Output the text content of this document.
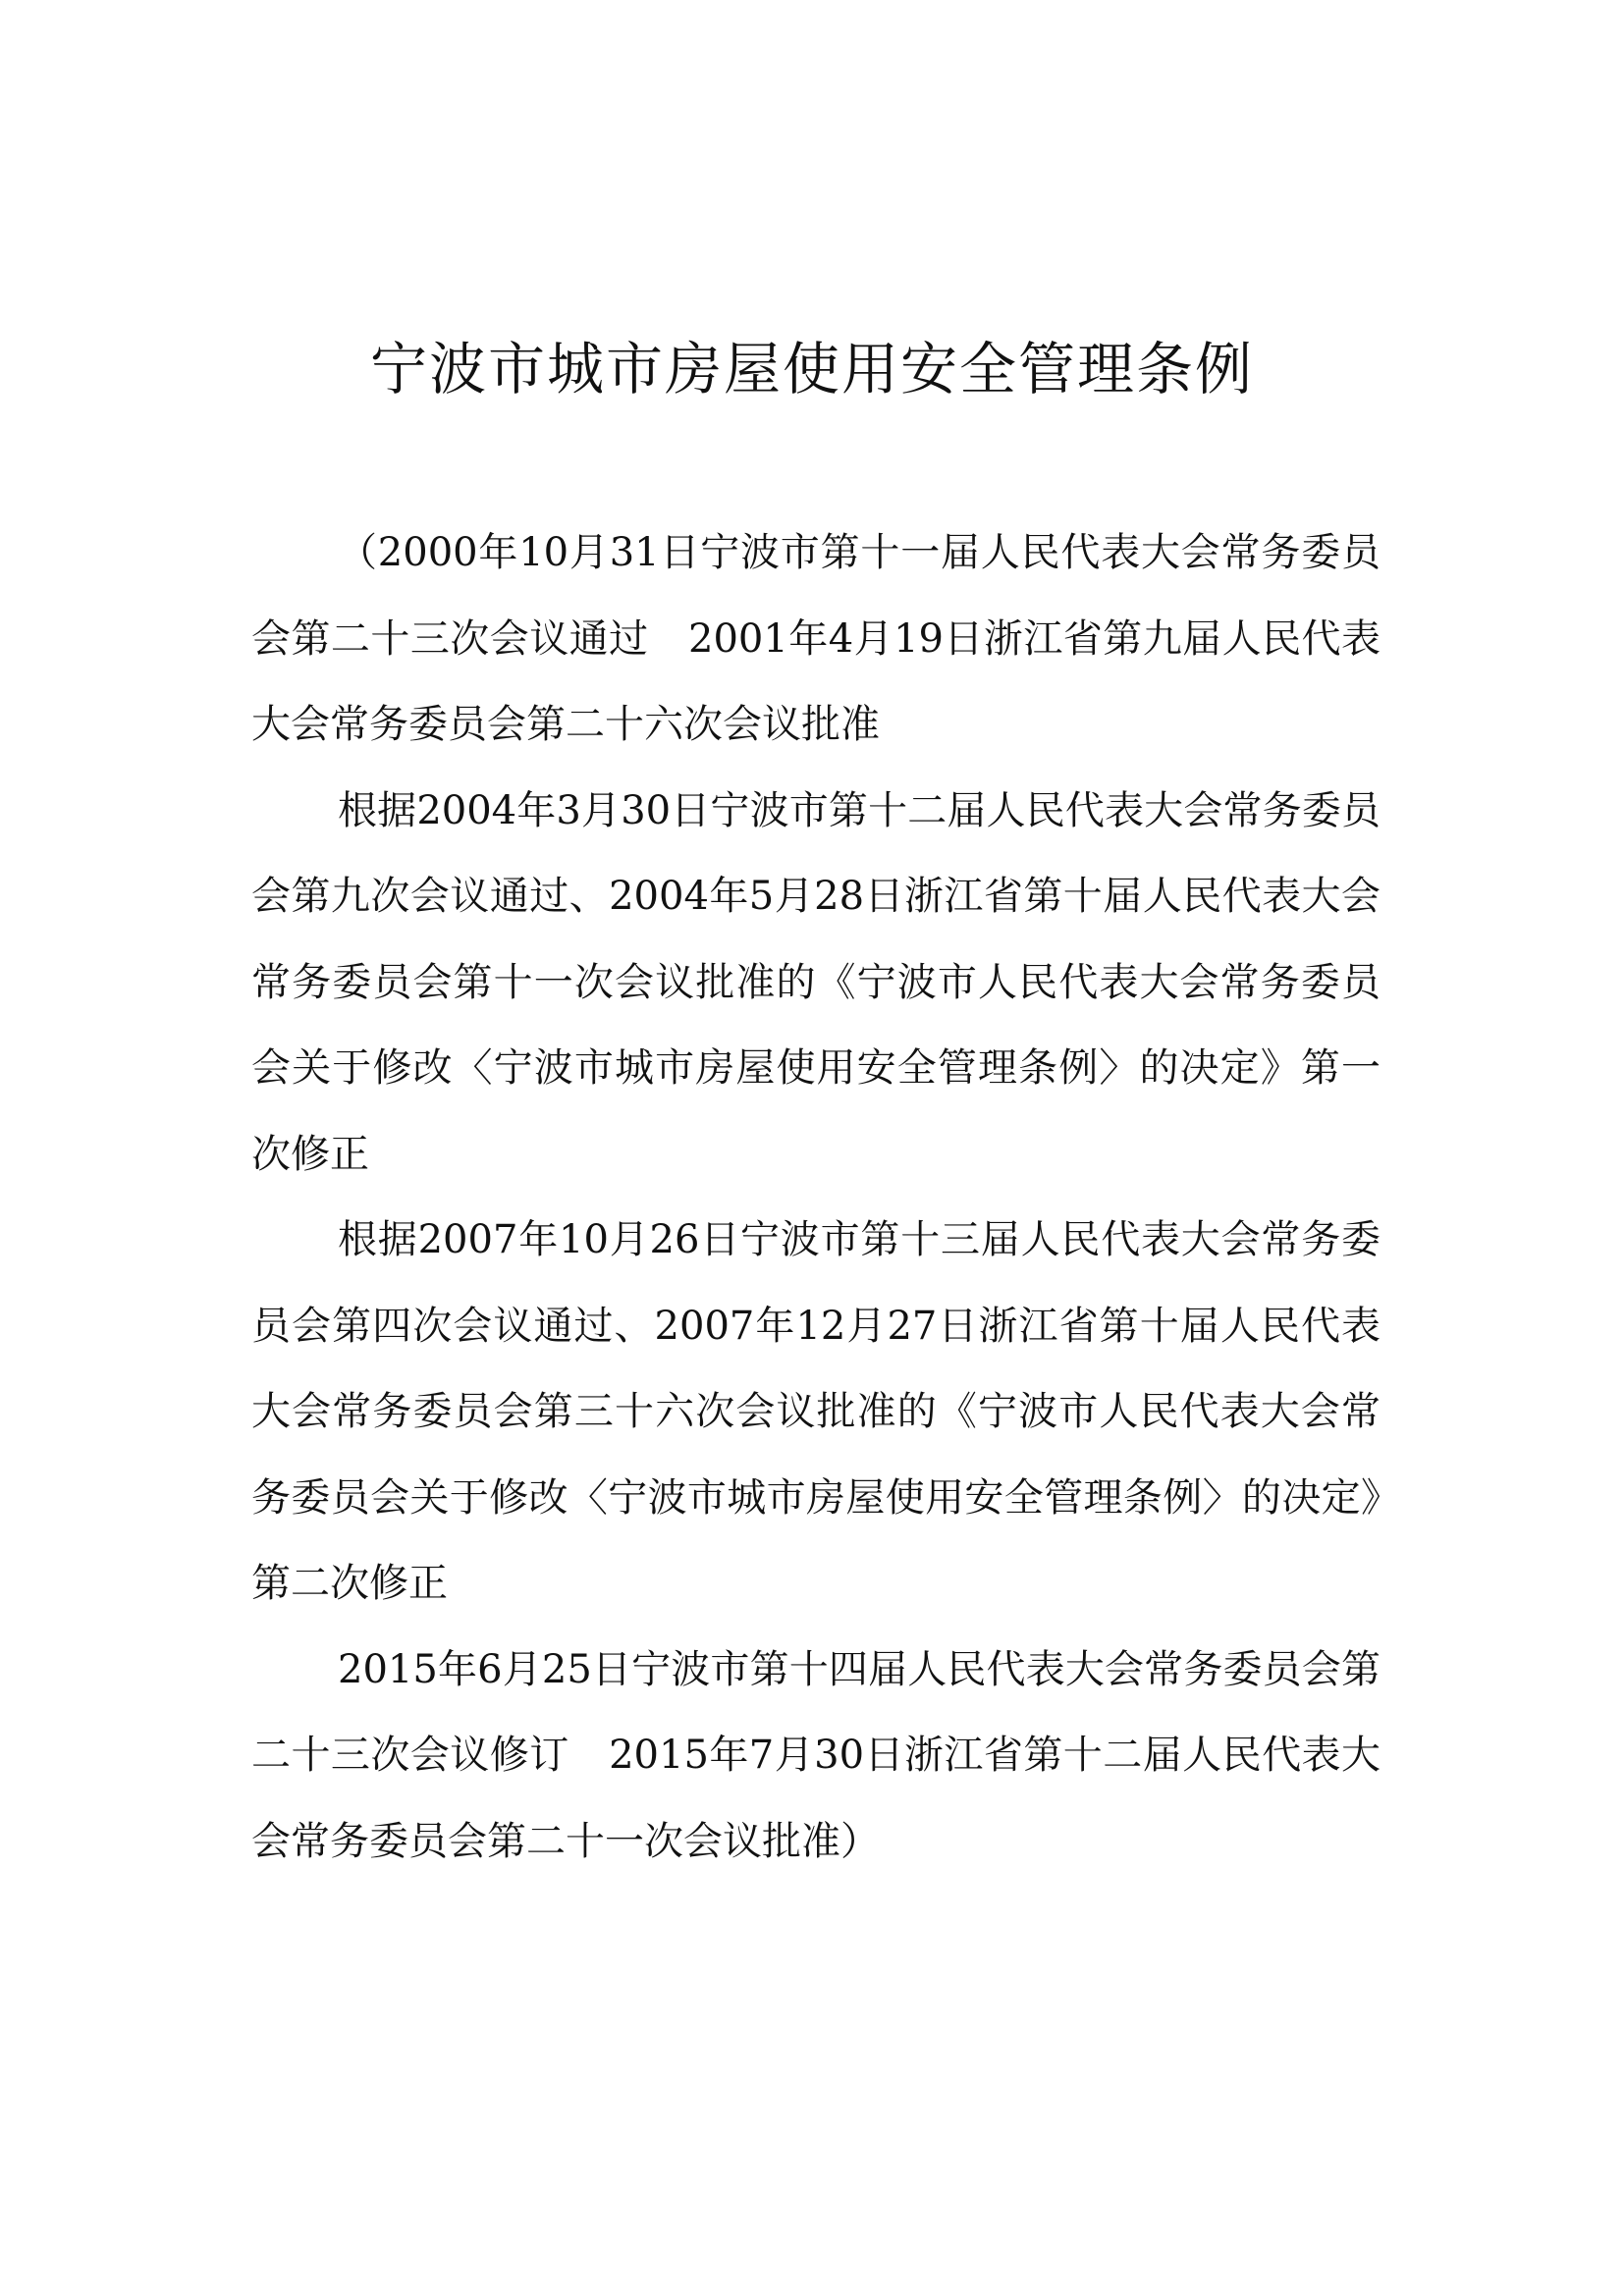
宁波市城市房屋使用安全管理条例

（2000年10月31日宁波市第十一届人民代表大会常务委员会第二十三次会议通过　2001年4月19日浙江省第九届人民代表大会常务委员会第二十六次会议批准

根据2004年3月30日宁波市第十二届人民代表大会常务委员会第九次会议通过、2004年5月28日浙江省第十届人民代表大会常务委员会第十一次会议批准的《宁波市人民代表大会常务委员会关于修改〈宁波市城市房屋使用安全管理条例〉的决定》第一次修正

根据2007年10月26日宁波市第十三届人民代表大会常务委员会第四次会议通过、2007年12月27日浙江省第十届人民代表大会常务委员会第三十六次会议批准的《宁波市人民代表大会常务委员会关于修改〈宁波市城市房屋使用安全管理条例〉的决定》第二次修正

2015年6月25日宁波市第十四届人民代表大会常务委员会第二十三次会议修订　2015年7月30日浙江省第十二届人民代表大会常务委员会第二十一次会议批准）
